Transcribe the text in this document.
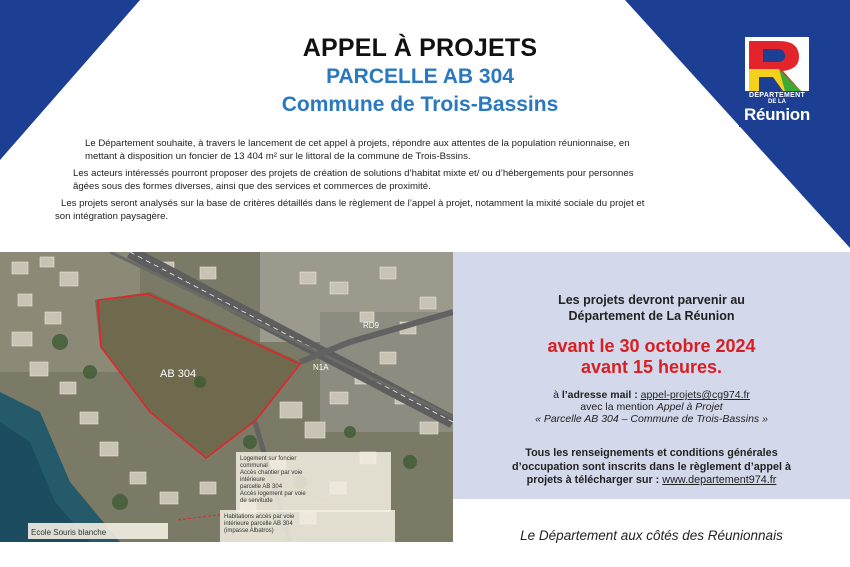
DÉPARTEMENT
DE LA
Réunion
APPEL À PROJETS
PARCELLE AB 304
Commune de Trois-Bassins

Le Département souhaite, à travers le lancement de cet appel à projets, répondre aux attentes de la population réunionnaise, en mettant à disposition un foncier de 13 404 m² sur le littoral de la commune de Trois-Bssins.

Les acteurs intéressés pourront proposer des projets de création de solutions d’habitat mixte et/ ou d’hébergements pour personnes âgées sous des formes diverses, ainsi que des services et commerces de proximité.

Les projets seront analysés sur la base de critères détaillés dans le règlement de l’appel à projet, notamment la mixité sociale du projet et son intégration paysagère.

AB 304
RD9
N1A
Logement sur foncier
communal
Accès chantier par voie
intérieure
parcelle AB 304
Accès logement par voie
de servitude
Habitations accès par voie
intérieure parcelle AB 304
(impasse Albatros)
Ecole Souris blanche
Les projets devront parvenir au
Département de La Réunion
avant le 30 octobre 2024
avant 15 heures.
à l’adresse mail : appel-projets@cg974.fr
avec la mention Appel à Projet
« Parcelle AB 304 – Commune de Trois-Bassins »
Tous les renseignements et conditions générales
d’occupation sont inscrits dans le règlement d’appel à
projets à télécharger sur : www.departement974.fr
Le Département aux côtés des Réunionnais
